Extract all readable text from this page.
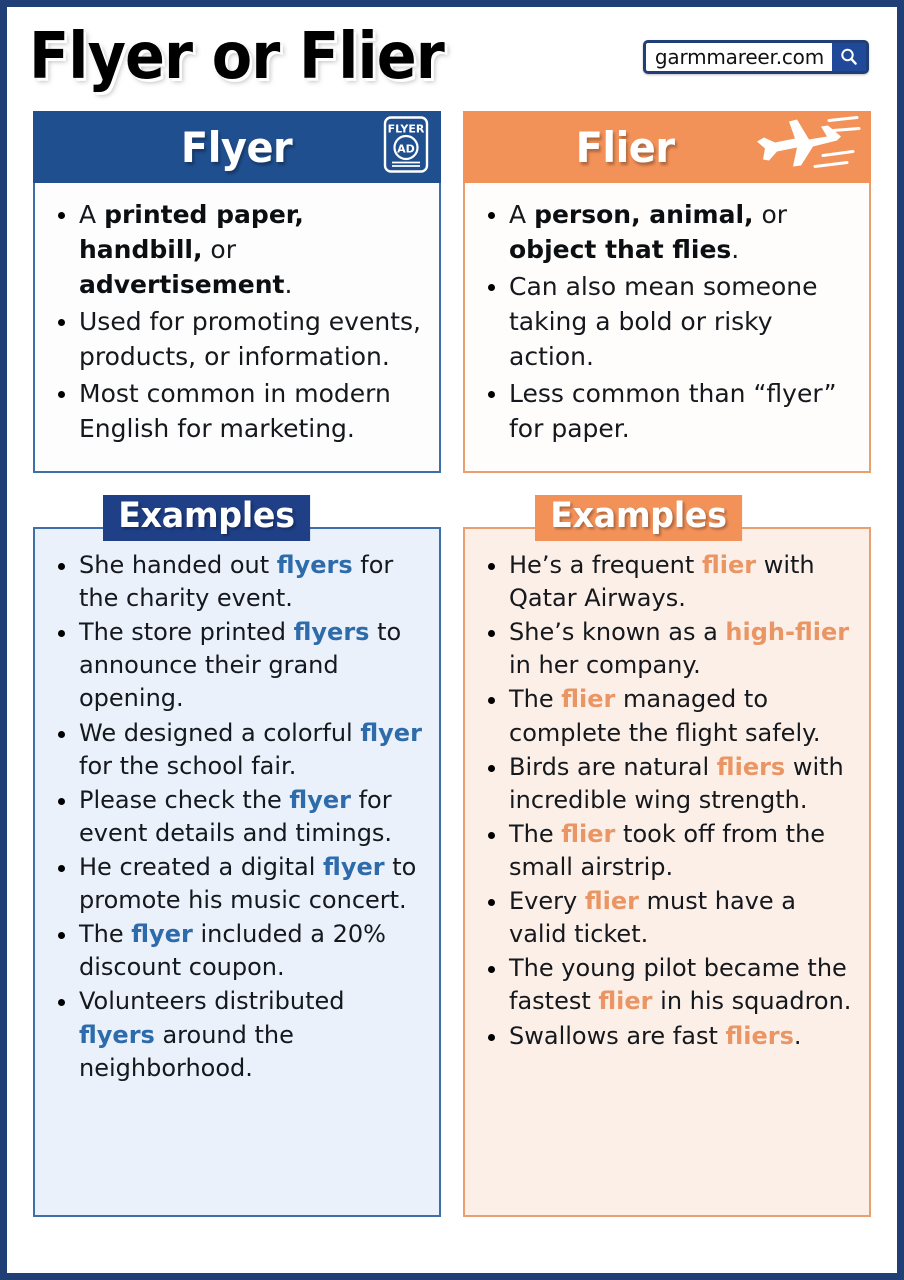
Flyer or Flier	garmmareer.com
Flyer	FLYER
AD
A printed paper, handbill, or advertisement.
Used for promoting events, products, or information.
Most common in modern English for marketing.
Flier
A person, animal, or object that flies.
Can also mean someone taking a bold or risky action.
Less common than “flyer” for paper.
Examples
She handed out flyers for the charity event.
The store printed flyers to announce their grand opening.
We designed a colorful flyer for the school fair.
Please check the flyer for event details and timings.
He created a digital flyer to promote his music concert.
The flyer included a 20% discount coupon.
Volunteers distributed flyers around the neighborhood.
Examples
He’s a frequent flier with Qatar Airways.
She’s known as a high-flier in her company.
The flier managed to complete the flight safely.
Birds are natural fliers with incredible wing strength.
The flier took off from the small airstrip.
Every flier must have a valid ticket.
The young pilot became the fastest flier in his squadron.
Swallows are fast fliers.
